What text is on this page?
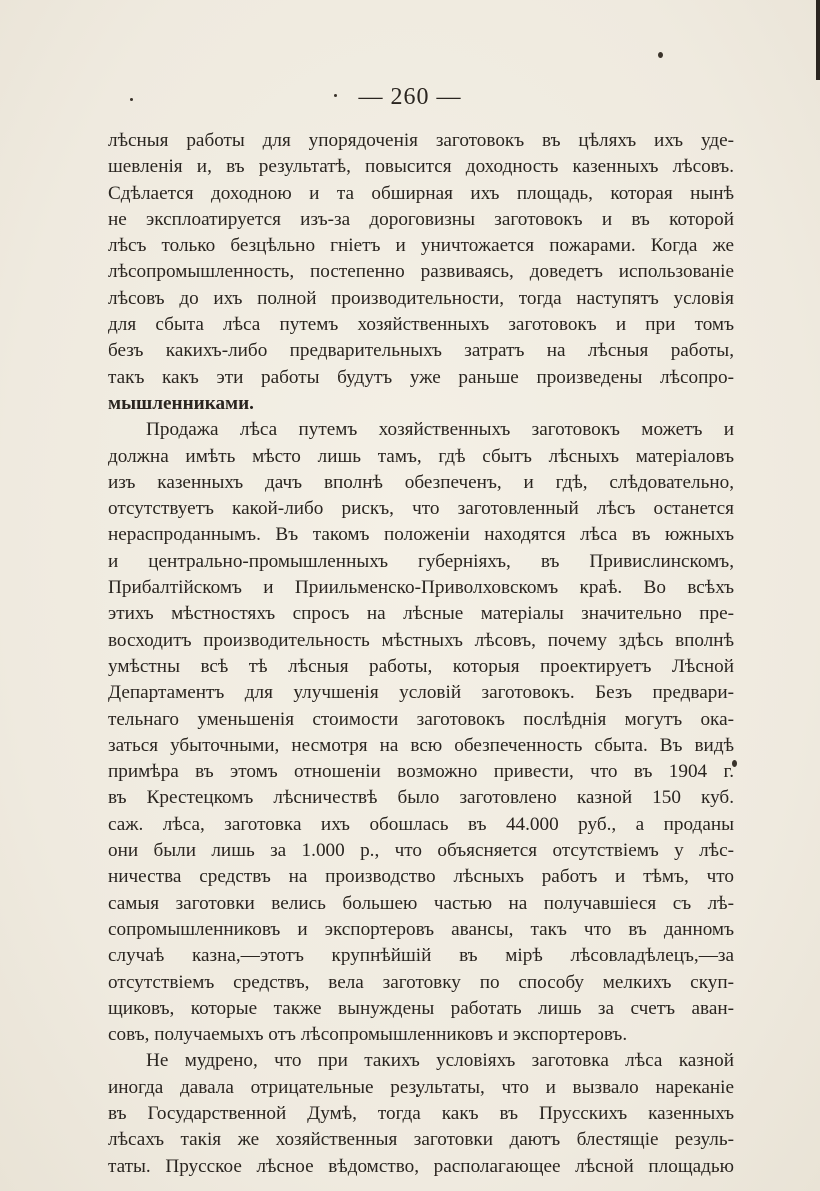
— 260 —
лѣсныя работы для упорядоченія заготовокъ въ цѣляхъ ихъ уде-
шевленія и, въ результатѣ, повысится доходность казенныхъ лѣсовъ.
Сдѣлается доходною и та обширная ихъ площадь, которая нынѣ
не эксплоатируется изъ-за дороговизны заготовокъ и въ которой
лѣсъ только безцѣльно гніетъ и уничтожается пожарами. Когда же
лѣсопромышленность, постепенно развиваясь, доведетъ использованіе
лѣсовъ до ихъ полной производительности, тогда наступятъ условія
для сбыта лѣса путемъ хозяйственныхъ заготовокъ и при томъ
безъ какихъ-либо предварительныхъ затратъ на лѣсныя работы,
такъ какъ эти работы будутъ уже раньше произведены лѣсопро-
мышленниками.
Продажа лѣса путемъ хозяйственныхъ заготовокъ можетъ и
должна имѣть мѣсто лишь тамъ, гдѣ сбытъ лѣсныхъ матеріаловъ
изъ казенныхъ дачъ вполнѣ обезпеченъ, и гдѣ, слѣдовательно,
отсутствуетъ какой-либо рискъ, что заготовленный лѣсъ останется
нераспроданнымъ. Въ такомъ положеніи находятся лѣса въ южныхъ
и центрально-промышленныхъ губерніяхъ, въ Привислинскомъ,
Прибалтійскомъ и Приильменско-Приволховскомъ краѣ. Во всѣхъ
этихъ мѣстностяхъ спросъ на лѣсные матеріалы значительно пре-
восходитъ производительность мѣстныхъ лѣсовъ, почему здѣсь вполнѣ
умѣстны всѣ тѣ лѣсныя работы, которыя проектируетъ Лѣсной
Департаментъ для улучшенія условій заготовокъ. Безъ предвари-
тельнаго уменьшенія стоимости заготовокъ послѣднія могутъ ока-
заться убыточными, несмотря на всю обезпеченность сбыта. Въ видѣ
примѣра въ этомъ отношеніи возможно привести, что въ 1904 г.
въ Крестецкомъ лѣсничествѣ было заготовлено казной 150 куб.
саж. лѣса, заготовка ихъ обошлась въ 44.000 руб., а проданы
они были лишь за 1.000 р., что объясняется отсутствіемъ у лѣс-
ничества средствъ на производство лѣсныхъ работъ и тѣмъ, что
самыя заготовки велись большею частью на получавшіеся съ лѣ-
сопромышленниковъ и экспортеровъ авансы, такъ что въ данномъ
случаѣ казна,—этотъ крупнѣйшій въ мірѣ лѣсовладѣлецъ,—за
отсутствіемъ средствъ, вела заготовку по способу мелкихъ скуп-
щиковъ, которые также вынуждены работать лишь за счетъ аван-
совъ, получаемыхъ отъ лѣсопромышленниковъ и экспортеровъ.
Не мудрено, что при такихъ условіяхъ заготовка лѣса казной
иногда давала отрицательные результаты, что и вызвало нареканіе
въ Государственной Думѣ, тогда какъ въ Прусскихъ казенныхъ
лѣсахъ такія же хозяйственныя заготовки даютъ блестящіе резуль-
таты. Прусское лѣсное вѣдомство, располагающее лѣсной площадью
